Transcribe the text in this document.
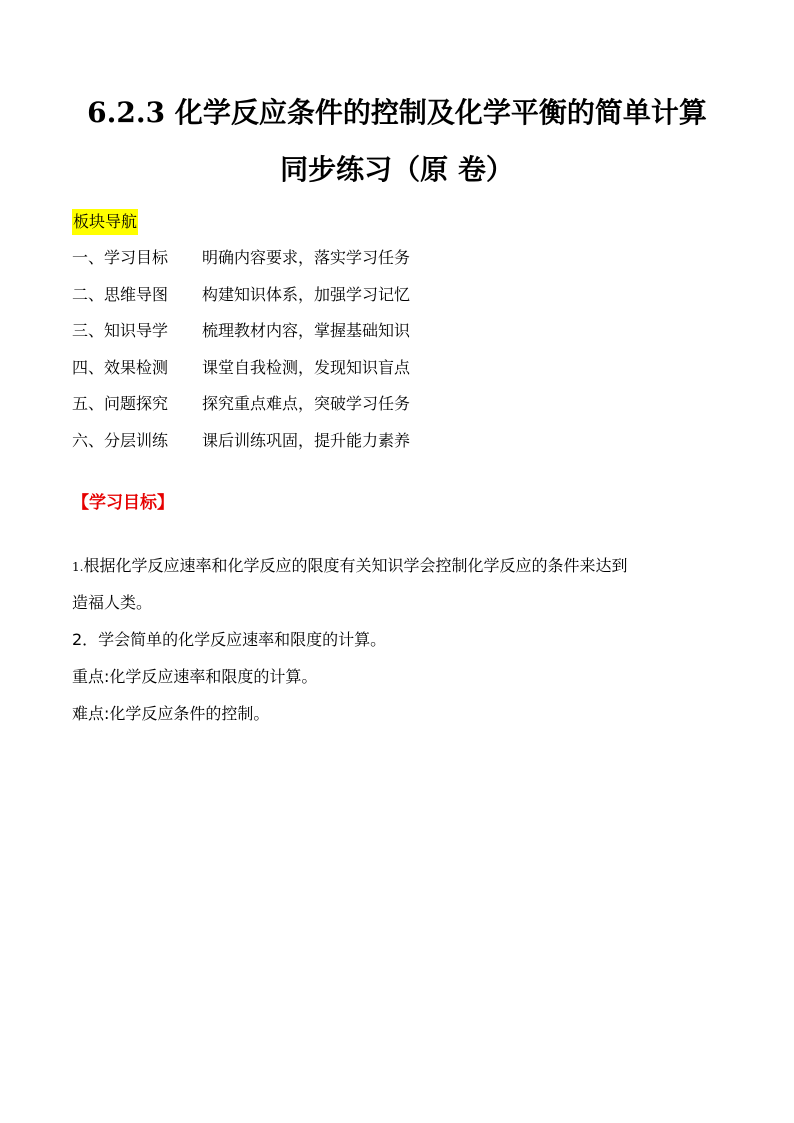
6.2.3 化学反应条件的控制及化学平衡的简单计算
同步练习（原 卷）
板块导航
一、学习目标 明确内容要求，落实学习任务
二、思维导图 构建知识体系，加强学习记忆
三、知识导学 梳理教材内容，掌握基础知识
四、效果检测 课堂自我检测，发现知识盲点
五、问题探究 探究重点难点，突破学习任务
六、分层训练 课后训练巩固，提升能力素养
【学习目标】
1.根据化学反应速率和化学反应的限度有关知识学会控制化学反应的条件来达到
造福人类。
2．学会简单的化学反应速率和限度的计算。
重点:化学反应速率和限度的计算。
难点:化学反应条件的控制。
